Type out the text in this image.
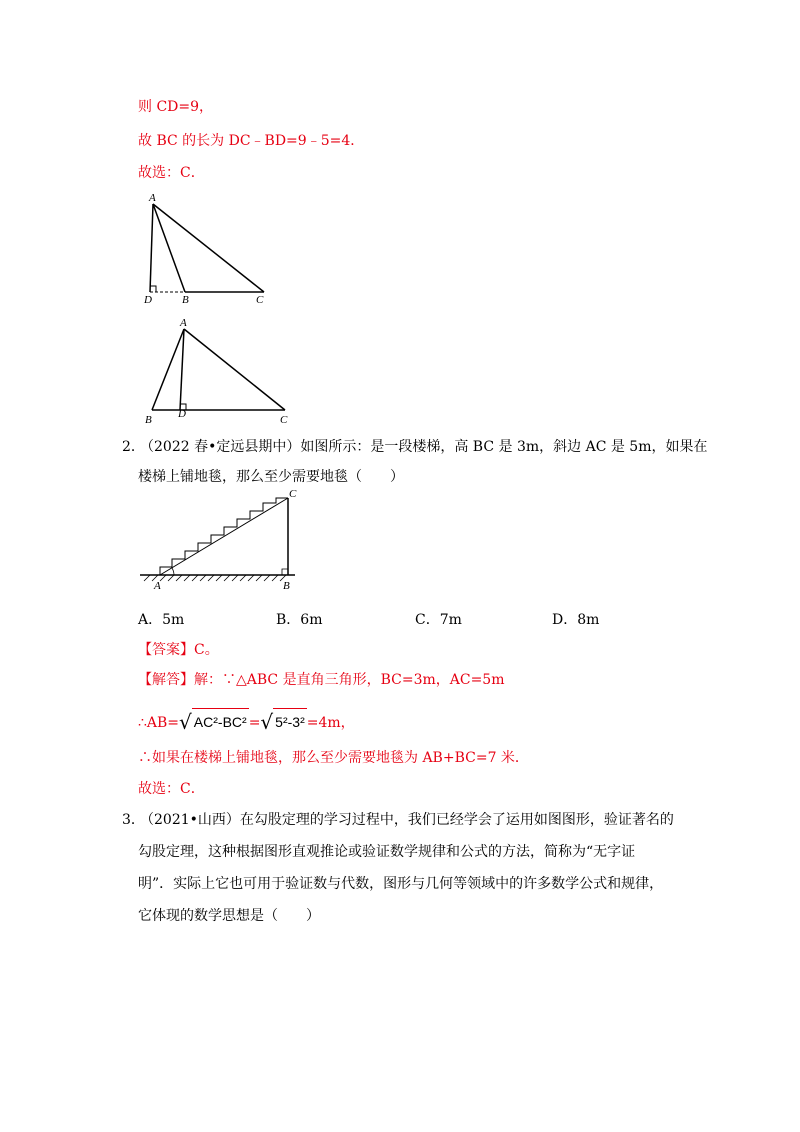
则 CD=9，
故 BC 的长为 DC﹣BD=9﹣5=4．
故选：C．
A
D	B	C
A
B D	C
2．
（2022 春•定远县期中）如图所示：是一段楼梯，高 BC 是 3m，斜边 AC 是 5m，如果在
楼梯上铺地毯，那么至少需要地毯（　　）
C
A	B
A．5m	B．6m	C．7m	D．8m
【答案】C。
【解答】解：∵△ABC 是直角三角形，BC=3m，AC=5m
∴AB=√ AC²-BC² =√ 5²-3² =4m，
∴如果在楼梯上铺地毯，那么至少需要地毯为 AB+BC=7 米．
故选：C．
3．
（2021•山西）在勾股定理的学习过程中，我们已经学会了运用如图图形，验证著名的
勾股定理，这种根据图形直观推论或验证数学规律和公式的方法，简称为“无字证
明”．实际上它也可用于验证数与代数，图形与几何等领域中的许多数学公式和规律，
它体现的数学思想是（　　）
